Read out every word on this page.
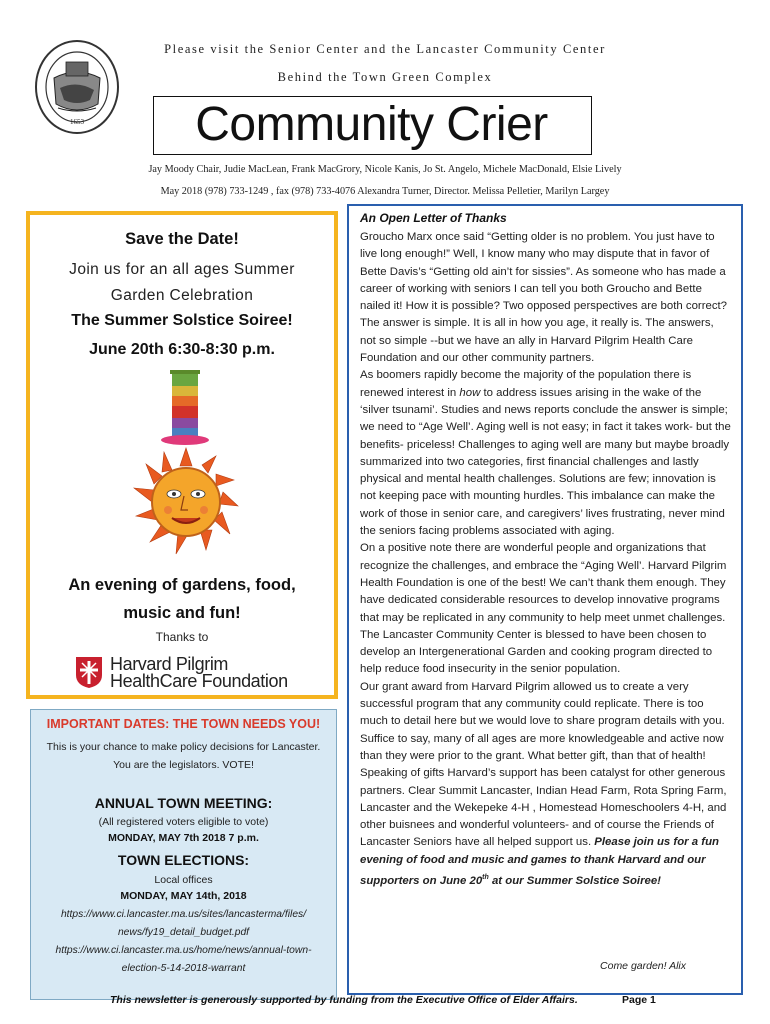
1653
Please visit the Senior Center and the Lancaster Community Center
Behind the Town Green Complex
Community Crier
Jay Moody Chair, Judie MacLean, Frank MacGrory, Nicole Kanis, Jo St. Angelo, Michele MacDonald, Elsie Lively
May 2018 (978) 733-1249 , fax (978) 733-4076 Alexandra Turner, Director. Melissa Pelletier, Marilyn Largey
Save the Date!
Join us for an all ages Summer Garden Celebration
The Summer Solstice Soiree!
June 20th 6:30-8:30 p.m.
An evening of gardens, food, music and fun!
Thanks to
Harvard Pilgrim
HealthCare Foundation
IMPORTANT DATES: THE TOWN NEEDS YOU!
This is your chance to make policy decisions for Lancaster.
You are the legislators. VOTE!
ANNUAL TOWN MEETING:
(All registered voters eligible to vote)
MONDAY, MAY 7th 2018 7 p.m.
TOWN ELECTIONS:
Local offices
MONDAY, MAY 14th, 2018
https://www.ci.lancaster.ma.us/sites/lancasterma/files/
news/fy19_detail_budget.pdf
https://www.ci.lancaster.ma.us/home/news/annual-town-
election-5-14-2018-warrant
An Open Letter of Thanks

Groucho Marx once said “Getting older is no problem. You just have to live long enough!” Well, I know many who may dispute that in favor of Bette Davis’s “Getting old ain’t for sissies”. As someone who has made a career of working with seniors I can tell you both Groucho and Bette nailed it! How it is possible? Two opposed perspectives are both correct? The answer is simple. It is all in how you age, it really is. The answers, not so simple --but we have an ally in Harvard Pilgrim Health Care Foundation and our other community partners.

As boomers rapidly become the majority of the population there is renewed interest in how to address issues arising in the wake of the ‘silver tsunami’. Studies and news reports conclude the answer is simple; we need to “Age Well’. Aging well is not easy; in fact it takes work- but the benefits- priceless! Challenges to aging well are many but maybe broadly summarized into two categories, first financial challenges and lastly physical and mental health challenges. Solutions are few; innovation is not keeping pace with mounting hurdles. This imbalance can make the work of those in senior care, and caregivers’ lives frustrating, never mind the seniors facing problems associated with aging.

On a positive note there are wonderful people and organizations that recognize the challenges, and embrace the “Aging Well’. Harvard Pilgrim Health Foundation is one of the best! We can’t thank them enough. They have dedicated considerable resources to develop innovative programs that may be replicated in any community to help meet unmet challenges. The Lancaster Community Center is blessed to have been chosen to develop an Intergenerational Garden and cooking program directed to help reduce food insecurity in the senior population.

Our grant award from Harvard Pilgrim allowed us to create a very successful program that any community could replicate. There is too much to detail here but we would love to share program details with you. Suffice to say, many of all ages are more knowledgeable and active now than they were prior to the grant. What better gift, than that of health! Speaking of gifts Harvard’s support has been catalyst for other generous partners. Clear Summit Lancaster, Indian Head Farm, Rota Spring Farm, Lancaster and the Wekepeke 4-H , Homestead Homeschoolers 4-H, and other buisnees and wonderful volunteers- and of course the Friends of Lancaster Seniors have all helped support us. Please join us for a fun evening of food and music and games to thank Harvard and our supporters on June 20th at our Summer Solstice Soiree!

Come garden! Alix
This newsletter is generously supported by funding from the Executive Office of Elder Affairs.	Page 1
